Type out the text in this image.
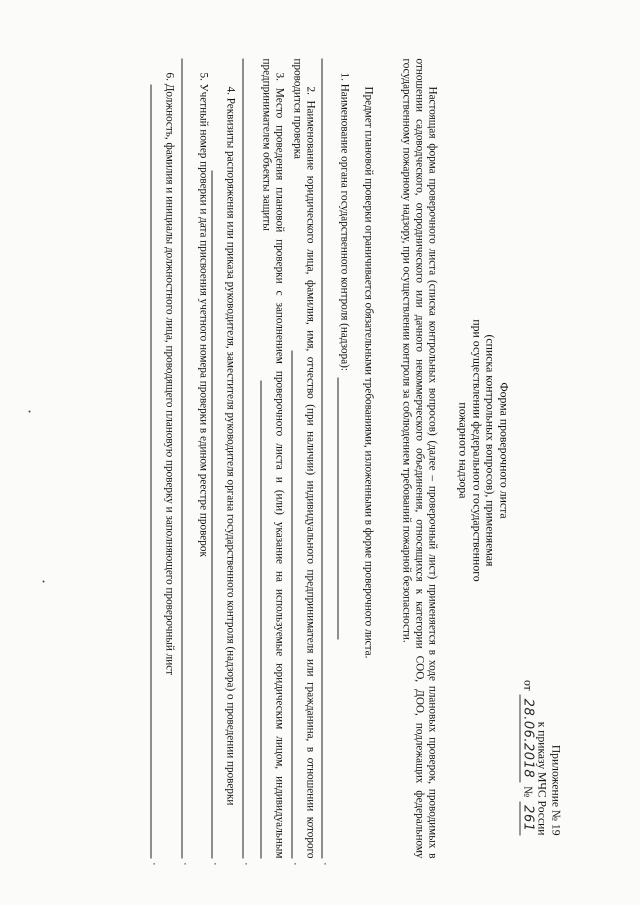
Приложение № 19
к приказу МЧС России
от
28.06.2018
№
261
Форма проверочного листа
(списка контрольных вопросов), применяемая
при осуществлении федерального государственного
пожарного надзора
Настоящая форма проверочного листа (списка контрольных вопросов) (далее – проверочный лист) применяется в ходе плановых проверок, проводимых в отношении садоводческого, огороднического или дачного некоммерческого объединения, относящихся к категории СОО, ДОО, подлежащих федеральному государственному пожарному надзору, при осуществлении контроля за соблюдением требований пожарной безопасности.
Предмет плановой проверки ограничивается обязательными требованиями, изложенными в форме проверочного листа.
1. Наименование органа государственного контроля (надзора):
.
2. Наименование юридического лица, фамилия, имя, отчество (при наличии) индивидуального предпринимателя или гражданина, в отношении которого проводится проверка
.
3. Место проведения плановой проверки с заполнением проверочного листа и (или) указание на используемые юридическим лицом, индивидуальным предпринимателем объекты защиты
.
4. Реквизиты распоряжения или приказа руководителя, заместителя руководителя органа государственного контроля (надзора) о проведении проверки
.
5. Учетный номер проверки и дата присвоения учетного номера проверки в едином реестре проверок
.
6. Должность, фамилия и инициалы должностного лица, проводящего плановую проверку и заполняющего проверочный лист
.
